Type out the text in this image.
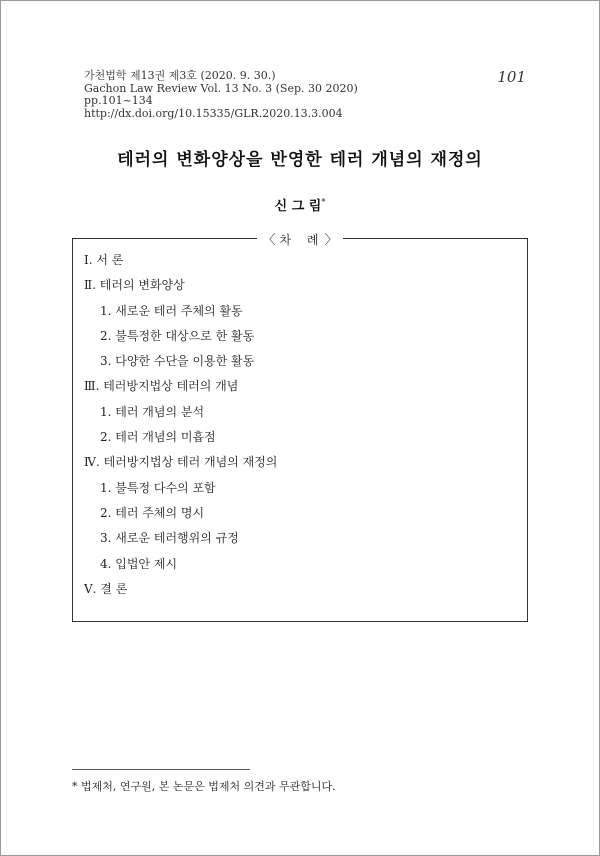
가천법학 제13권 제3호 (2020. 9. 30.)
Gachon Law Review Vol. 13 No. 3 (Sep. 30 2020)
pp.101~134
http://dx.doi.org/10.15335/GLR.2020.13.3.004
101
테러의 변화양상을 반영한 테러 개념의 재정의
신 그 림*
〈 차 례〉
Ⅰ. 서 론
Ⅱ. 테러의 변화양상
1. 새로운 테러 주체의 활동
2. 불특정한 대상으로 한 활동
3. 다양한 수단을 이용한 활동
Ⅲ. 테러방지법상 테러의 개념
1. 테러 개념의 분석
2. 테러 개념의 미흡점
Ⅳ. 테러방지법상 테러 개념의 재정의
1. 불특정 다수의 포함
2. 테러 주체의 명시
3. 새로운 테러행위의 규정
4. 입법안 제시
Ⅴ. 결 론
* 법제처, 연구원, 본 논문은 법제처 의견과 무관합니다.
